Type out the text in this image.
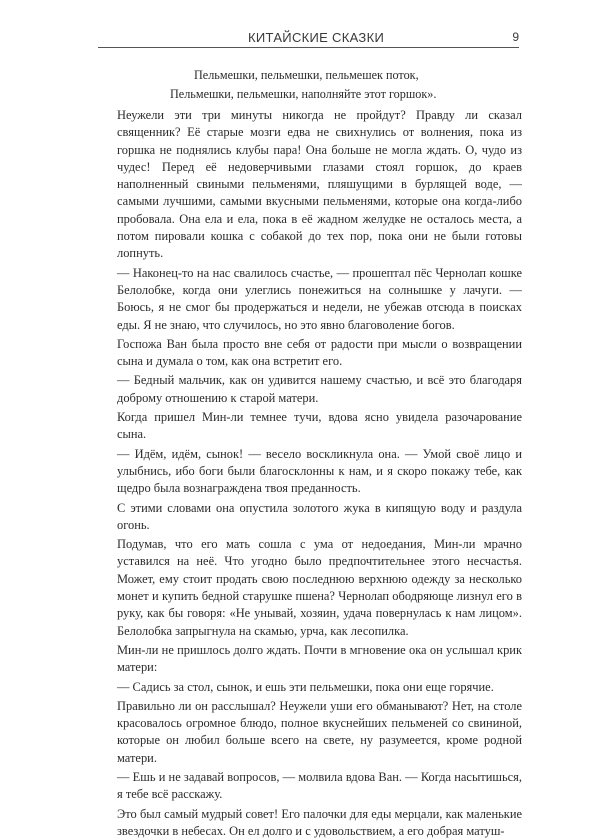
КИТАЙСКИЕ СКАЗКИ	9
Пельмешки, пельмешки, пельмешек поток,
Пельмешки, пельмешки, наполняйте этот горшок».

Неужели эти три минуты никогда не пройдут? Правду ли сказал священник? Её старые мозги едва не свихнулись от волнения, пока из горшка не поднялись клубы пара! Она больше не могла ждать. О, чудо из чудес! Перед её недоверчивыми глазами стоял горшок, до краев наполненный свиными пельменями, пляшущими в бурлящей воде, — самыми лучшими, самыми вкусными пельменями, которые она когда-либо пробовала. Она ела и ела, пока в её жадном желудке не осталось места, а потом пировали кошка с собакой до тех пор, пока они не были готовы лопнуть.

— Наконец-то на нас свалилось счастье, — прошептал пёс Чернолап кошке Белолобке, когда они улеглись понежиться на солнышке у лачуги. — Боюсь, я не смог бы продержаться и недели, не убежав отсюда в поисках еды. Я не знаю, что случилось, но это явно благоволение богов.

Госпожа Ван была просто вне себя от радости при мысли о возвращении сына и думала о том, как она встретит его.

— Бедный мальчик, как он удивится нашему счастью, и всё это благодаря доброму отношению к старой матери.

Когда пришел Мин-ли темнее тучи, вдова ясно увидела разочарование сына.

— Идём, идём, сынок! — весело воскликнула она. — Умой своё лицо и улыбнись, ибо боги были благосклонны к нам, и я скоро покажу тебе, как щедро была вознаграждена твоя преданность.

С этими словами она опустила золотого жука в кипящую воду и раздула огонь.

Подумав, что его мать сошла с ума от недоедания, Мин-ли мрачно уставился на неё. Что угодно было предпочтительнее этого несчастья. Может, ему стоит продать свою последнюю верхнюю одежду за несколько монет и купить бедной старушке пшена? Чернолап ободряюще лизнул его в руку, как бы говоря: «Не унывай, хозяин, удача повернулась к нам лицом». Белолобка запрыгнула на скамью, урча, как лесопилка.

Мин-ли не пришлось долго ждать. Почти в мгновение ока он услышал крик матери:

— Садись за стол, сынок, и ешь эти пельмешки, пока они еще горячие.

Правильно ли он расслышал? Неужели уши его обманывают? Нет, на столе красовалось огромное блюдо, полное вкуснейших пельменей со свининой, которые он любил больше всего на свете, ну разумеется, кроме родной матери.

— Ешь и не задавай вопросов, — молвила вдова Ван. — Когда насытишься, я тебе всё расскажу.

Это был самый мудрый совет! Его палочки для еды мерцали, как маленькие звездочки в небесах. Он ел долго и с удовольствием, а его добрая матуш-
